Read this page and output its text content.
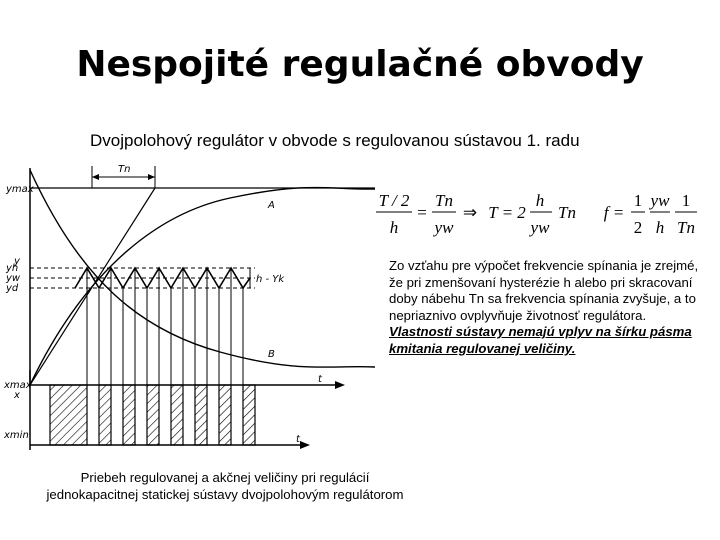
Nespojité regulačné obvody
Dvojpolohový regulátor v obvode s regulovanou sústavou 1. radu
Tn
ymax
y
yh
yw
yd
A
B
h - Yk
t
x
xmax
xmin	t
T / 2
h
=
Tn
yw
⇒ T = 2
h
yw
Tn f =
1
2
yw
h
1
Tn

Zo vzťahu pre výpočet frekvencie spínania je zrejmé, že pri zmenšovaní hysterézie h alebo pri skracovaní doby nábehu Tn sa frekvencia spínania zvyšuje, a to nepriaznivo ovplyvňuje životnosť regulátora.

Vlastnosti sústavy nemajú vplyv na šírku pásma kmitania regulovanej veličiny.

Priebeh regulovanej a akčnej veličiny pri regulácií
jednokapacitnej statickej sústavy dvojpolohovým regulátorom
